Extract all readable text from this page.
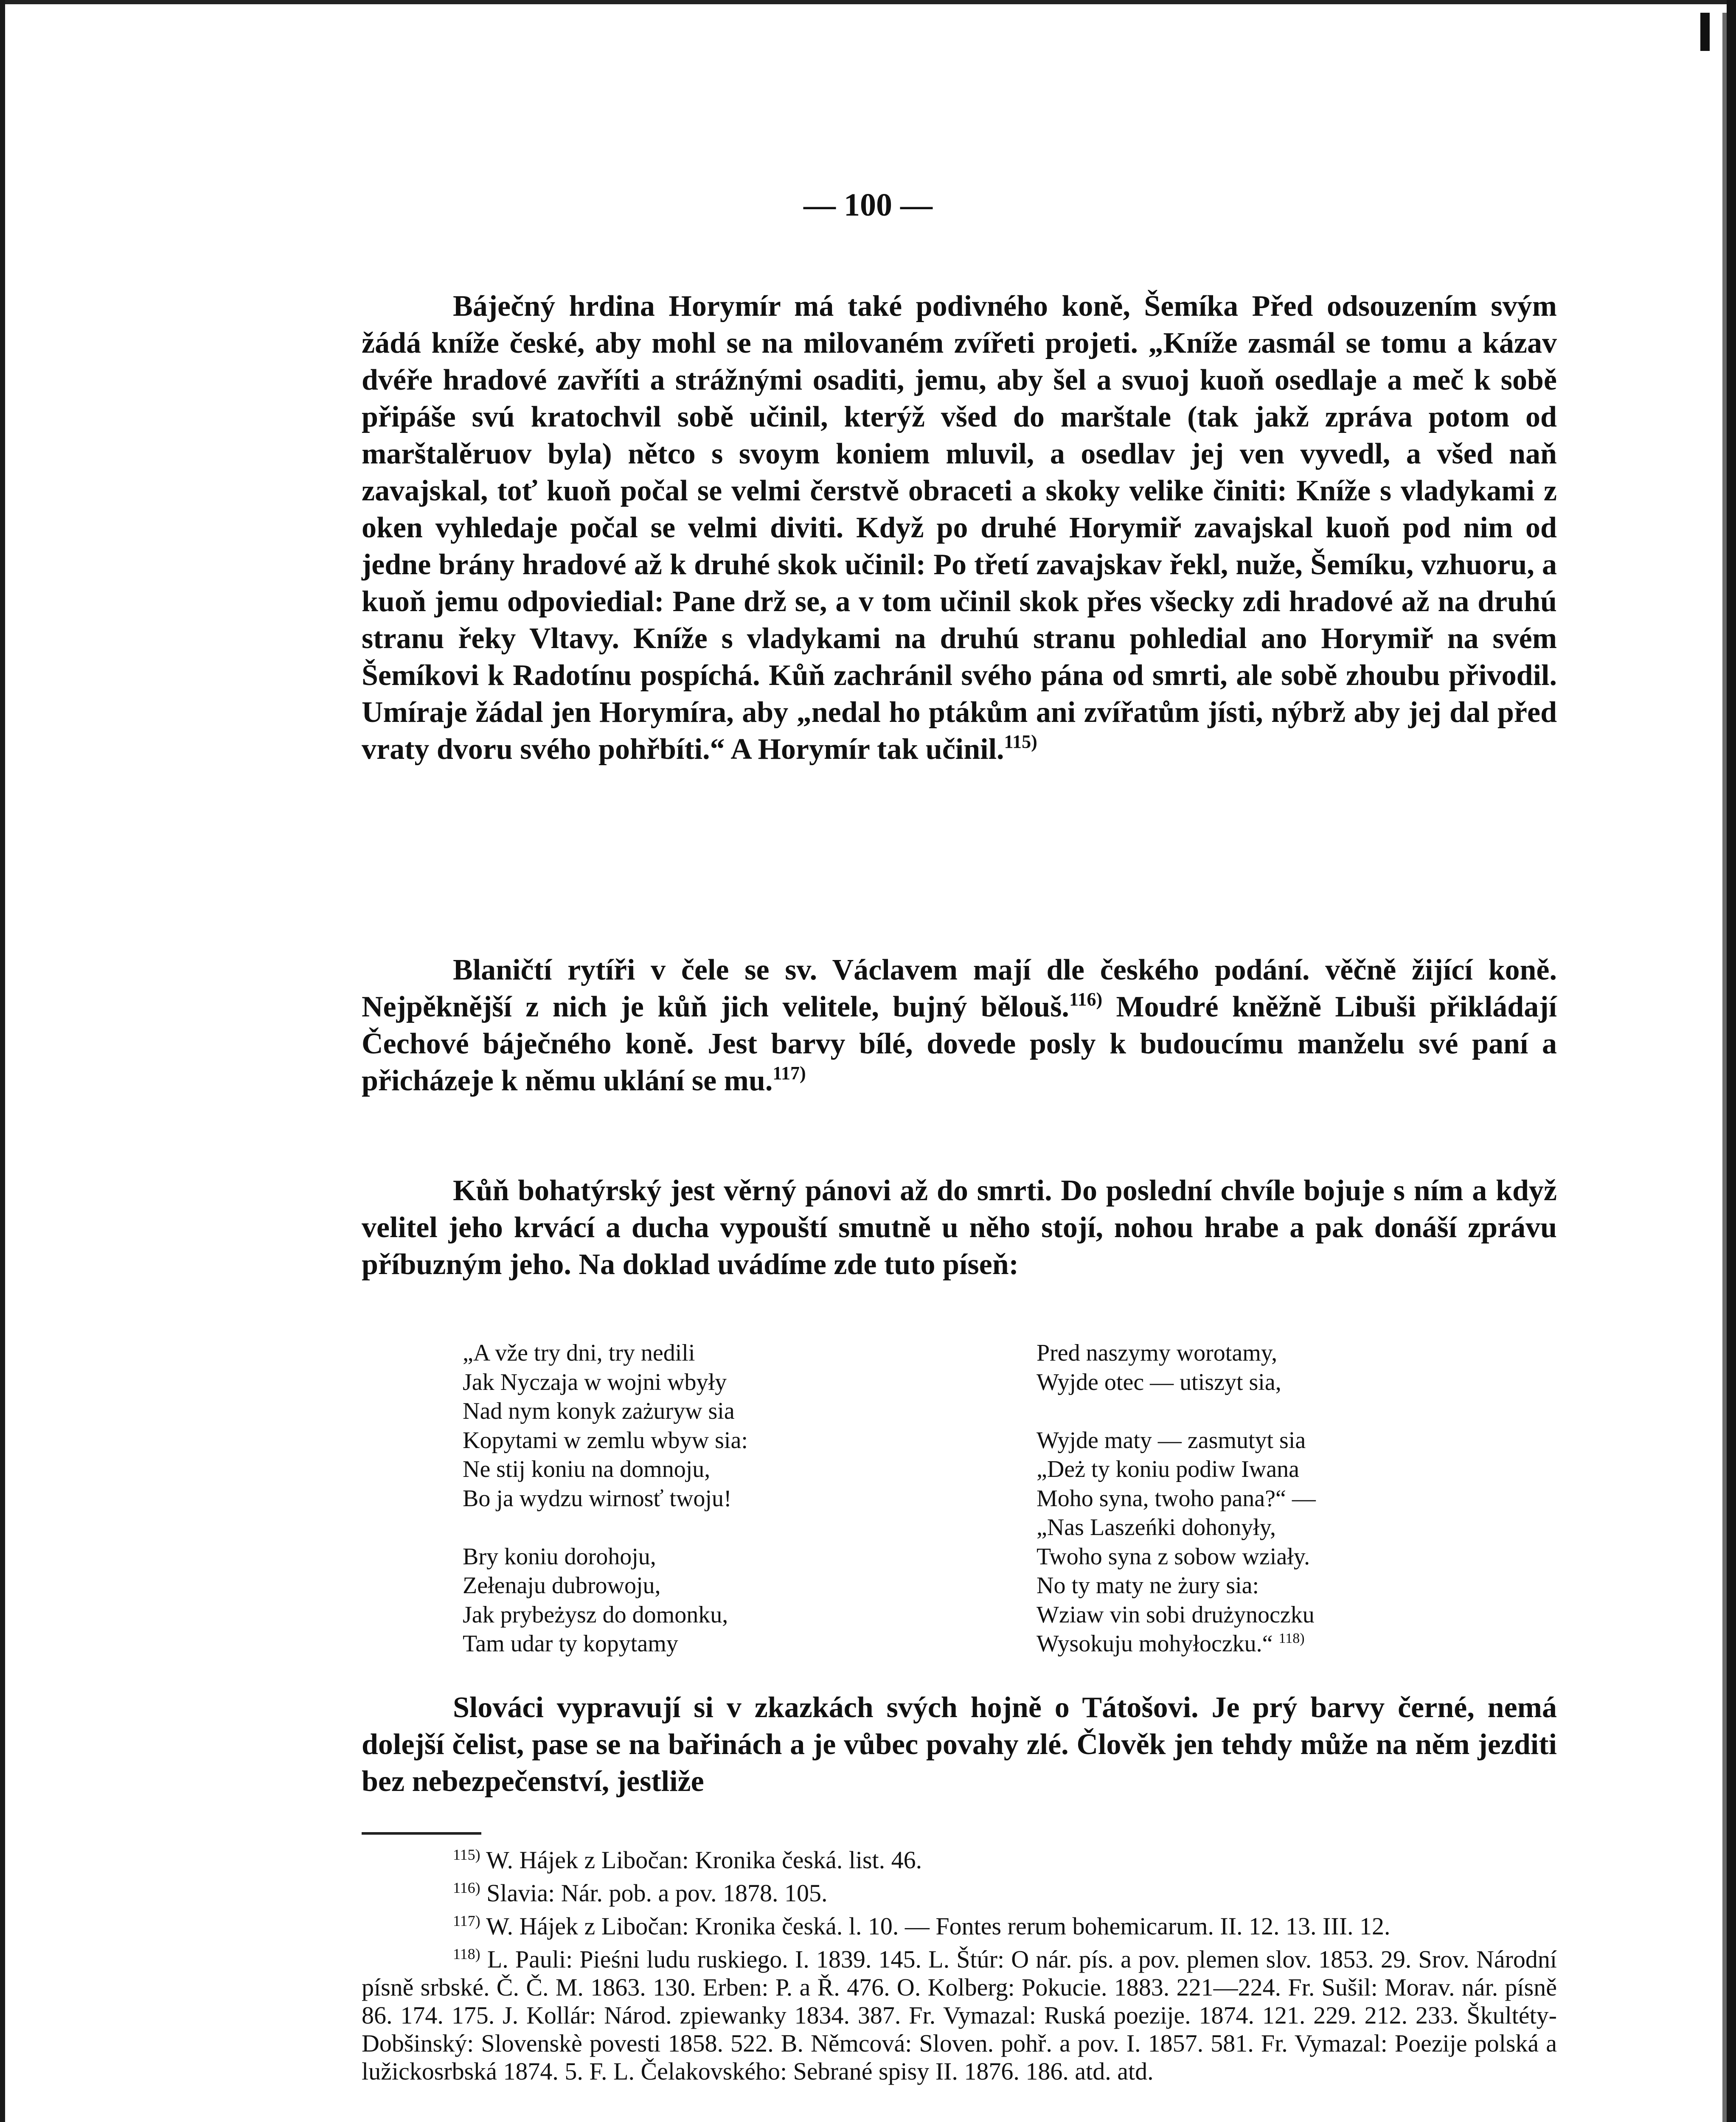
— 100 —

Báječný hrdina Horymír má také podivného koně, Šemíka Před odsouzením svým žádá kníže české, aby mohl se na milovaném zvířeti projeti. „Kníže zasmál se tomu a kázav dvéře hradové zavříti a strážnými osaditi, jemu, aby šel a svuoj kuoň osedlaje a meč k sobě připáše svú kratochvil sobě učinil, kterýž všed do marštale (tak jakž zpráva potom od marštalěruov byla) nětco s svoym koniem mluvil, a osedlav jej ven vyvedl, a všed naň zavajskal, toť kuoň počal se velmi čerstvě obraceti a skoky velike činiti: Kníže s vladykami z oken vyhledaje počal se velmi diviti. Když po druhé Horymiř zavajskal kuoň pod nim od jedne brány hradové až k druhé skok učinil: Po třetí zavajskav řekl, nuže, Šemíku, vzhuoru, a kuoň jemu odpoviedial: Pane drž se, a v tom učinil skok přes všecky zdi hradové až na druhú stranu řeky Vltavy. Kníže s vladykami na druhú stranu pohledial ano Horymiř na svém Šemíkovi k Radotínu pospíchá. Kůň zachránil svého pána od smrti, ale sobě zhoubu přivodil. Umíraje žádal jen Horymíra, aby „nedal ho ptákům ani zvířatům jísti, nýbrž aby jej dal před vraty dvoru svého pohřbíti.“ A Horymír tak učinil.$^{115)}$

Blaničtí rytíři v čele se sv. Václavem mají dle českého podání. věčně žijící koně. Nejpěknější z nich je kůň jich velitele, bujný bělouš.$^{116)}$ Moudré kněžně Libuši přikládají Čechové báječného koně. Jest barvy bílé, dovede posly k budoucímu manželu své paní a přicházeje k němu uklání se mu.$^{117)}$

Kůň bohatýrský jest věrný pánovi až do smrti. Do poslední chvíle bojuje s ním a když velitel jeho krvácí a ducha vypouští smutně u něho stojí, nohou hrabe a pak donáší zprávu příbuzným jeho. Na doklad uvádíme zde tuto píseň:

„A vže try dni, try nedili
Jak Nyczaja w wojni wbyły
Nad nym konyk zażuryw sia
Kopytami w zemlu wbyw sia:
Ne stij koniu na domnoju,
Bo ja wydzu wirnosť twoju!
Bry koniu dorohoju,
Zełenaju dubrowoju,
Jak prybeżysz do domonku,
Tam udar ty kopytamy
Pred naszymy worotamy,
Wyjde otec — utiszyt sia,
Wyjde maty — zasmutyt sia
„Deż ty koniu podiw Iwana
Moho syna, twoho pana?“ —
„Nas Laszeńki dohonyły,
Twoho syna z sobow wziały.
No ty maty ne żury sia:
Wziaw vin sobi drużynoczku
Wysokuju mohyłoczku.“ $^{118)}$

Slováci vypravují si v zkazkách svých hojně o Tátošovi. Je prý barvy černé, nemá dolejší čelist, pase se na bařinách a je vůbec povahy zlé. Člověk jen tehdy může na něm jezditi bez nebezpečenství, jestliže

$^{115)}$ W. Hájek z Libočan: Kronika česká. list. 46.

$^{116)}$ Slavia: Nár. pob. a pov. 1878. 105.

$^{117)}$ W. Hájek z Libočan: Kronika česká. l. 10. — Fontes rerum bohemicarum. II. 12. 13. III. 12.

$^{118)}$ L. Pauli: Pieśni ludu ruskiego. I. 1839. 145. L. Štúr: O nár. pís. a pov. plemen slov. 1853. 29. Srov. Národní písně srbské. Č. Č. M. 1863. 130. Erben: P. a Ř. 476. O. Kolberg: Pokucie. 1883. 221—224. Fr. Sušil: Morav. nár. písně 86. 174. 175. J. Kollár: Národ. zpiewanky 1834. 387. Fr. Vymazal: Ruská poezije. 1874. 121. 229. 212. 233. Škultéty-Dobšinský: Slovenskè povesti 1858. 522. B. Němcová: Sloven. pohř. a pov. I. 1857. 581. Fr. Vymazal: Poezije polská a lužickosrbská 1874. 5. F. L. Čelakovského: Sebrané spisy II. 1876. 186. atd. atd.
